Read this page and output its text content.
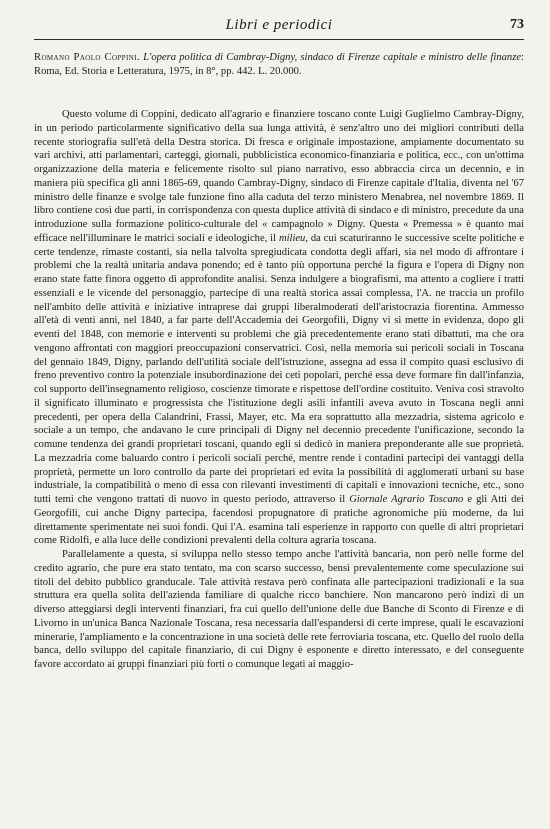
Libri e periodici	73
Romano Paolo Coppini. L'opera politica di Cambray-Digny, sindaco di Firenze capitale e ministro delle finanze: Roma, Ed. Storia e Letteratura, 1975, in 8°, pp. 442. L. 20.000.

Questo volume di Coppini, dedicato all'agrario e finanziere toscano conte Luigi Guglielmo Cambray-Digny, in un periodo particolarmente significativo della sua lunga attività, è senz'altro uno dei migliori contributi della recente storiografia sull'età della Destra storica. Di fresca e originale impostazione, ampiamente documentato su vari archivi, atti parlamentari, carteggi, giornali, pubblicistica economico-finanziaria e politica, ecc., con un'ottima organizzazione della materia e felicemente risolto sul piano narrativo, esso abbraccia circa un decennio, e in maniera più specifica gli anni 1865-69, quando Cambray-Digny, sindaco di Firenze capitale d'Italia, diventa nel '67 ministro delle finanze e svolge tale funzione fino alla caduta del terzo ministero Menabrea, nel novembre 1869. Il libro contiene così due parti, in corrispondenza con questa duplice attività di sindaco e di ministro, precedute da una introduzione sulla formazione politico-culturale del « campagnolo » Digny. Questa « Premessa » è quanto mai efficace nell'illuminare le matrici sociali e ideologiche, il milieu, da cui scaturiranno le successive scelte politiche e certe tendenze, rimaste costanti, sia nella talvolta spregiudicata condotta degli affari, sia nel modo di affrontare i problemi che la realtà unitaria andava ponendo; ed è tanto più opportuna perché la figura e l'opera di Digny non erano state fatte finora oggetto di approfondite analisi. Senza indulgere a biografismi, ma attento a cogliere i tratti essenziali e le vicende del personaggio, partecipe di una realtà storica assai complessa, l'A. ne traccia un profilo nell'ambito delle attività e iniziative intraprese dai gruppi liberalmoderati dell'aristocrazia fiorentina. Ammesso all'età di venti anni, nel 1840, a far parte dell'Accademia dei Georgofili, Digny vi si mette in evidenza, dopo gli eventi del 1848, con memorie e interventi su problemi che già precedentemente erano stati dibattuti, ma che ora vengono affrontati con maggiori preoccupazioni conservatrici. Così, nella memoria sui pericoli sociali in Toscana del gennaio 1849, Digny, parlando dell'utilità sociale dell'istruzione, assegna ad essa il compito quasi esclusivo di freno preventivo contro la potenziale insubordinazione dei ceti popolari, perché essa deve formare fin dall'infanzia, col supporto dell'insegnamento religioso, coscienze timorate e rispettose dell'ordine costituito. Veniva così stravolto il significato illuminato e progressista che l'istituzione degli asili infantili aveva avuto in Toscana negli anni precedenti, per opera della Calandrini, Frassi, Mayer, etc. Ma era soprattutto alla mezzadria, sistema agricolo e sociale a un tempo, che andavano le cure principali di Digny nel decennio precedente l'unificazione, secondo la comune tendenza dei grandi proprietari toscani, quando egli si dedicò in maniera preponderante alle sue proprietà. La mezzadria come baluardo contro i pericoli sociali perché, mentre rende i contadini partecipi dei vantaggi della proprietà, permette un loro controllo da parte dei proprietari ed evita la possibilità di agglomerati urbani su base industriale, la compatibilità o meno di essa con rilevanti investimenti di capitali e innovazioni tecniche, etc., sono tutti temi che vengono trattati di nuovo in questo periodo, attraverso il Giornale Agrario Toscano e gli Atti dei Georgofili, cui anche Digny partecipa, facendosi propugnatore di pratiche agronomiche più moderne, da lui direttamente sperimentate nei suoi fondi. Qui l'A. esamina tali esperienze in rapporto con quelle di altri proprietari come Ridolfi, e alla luce delle condizioni prevalenti della coltura agraria toscana.

Parallelamente a questa, si sviluppa nello stesso tempo anche l'attività bancaria, non però nelle forme del credito agrario, che pure era stato tentato, ma con scarso successo, bensì prevalentemente come speculazione sui titoli del debito pubblico granducale. Tale attività restava però confinata alle partecipazioni tradizionali e la sua struttura era quella solita dell'azienda familiare di qualche ricco banchiere. Non mancarono però indizi di un diverso atteggiarsi degli interventi finanziari, fra cui quello dell'unione delle due Banche di Sconto di Firenze e di Livorno in un'unica Banca Nazionale Toscana, resa necessaria dall'espandersi di certe imprese, quali le escavazioni minerarie, l'ampliamento e la concentrazione in una società delle rete ferroviaria toscana, etc. Quello del ruolo della banca, dello sviluppo del capitale finanziario, di cui Digny è esponente e diretto interessato, e del conseguente favore accordato ai gruppi finanziari più forti o comunque legati ai maggio-
